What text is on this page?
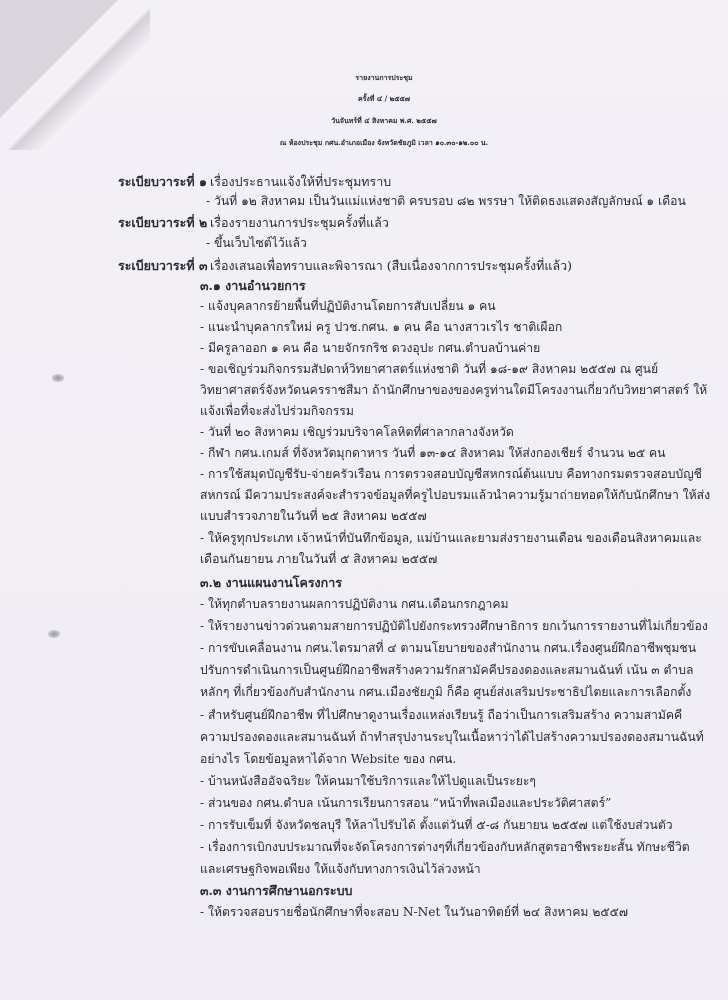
รายงานการประชุม
ครั้งที่ ๔ / ๒๕๕๗
วันจันทร์ที่ ๔ สิงหาคม พ.ศ. ๒๕๕๗
ณ ห้องประชุม กศน.อำเภอเมือง จังหวัดชัยภูมิ เวลา ๑๐.๓๐-๑๒.๐๐ น.
ระเบียบวาระที่ ๑ เรื่องประธานแจ้งให้ที่ประชุมทราบ
- วันที่ ๑๒ สิงหาคม เป็นวันแม่แห่งชาติ ครบรอบ ๘๒ พรรษา ให้ติดธงแสดงสัญลักษณ์ ๑ เดือน
ระเบียบวาระที่ ๒ เรื่องรายงานการประชุมครั้งที่แล้ว
- ขึ้นเว็บไซต์ไว้แล้ว
ระเบียบวาระที่ ๓ เรื่องเสนอเพื่อทราบและพิจารณา (สืบเนื่องจากการประชุมครั้งที่แล้ว)
๓.๑ งานอำนวยการ
- แจ้งบุคลากรย้ายพื้นที่ปฏิบัติงานโดยการสับเปลี่ยน ๑ คน
- แนะนำบุคลากรใหม่ ครู ปวช.กศน. ๑ คน คือ นางสาวเรไร ชาติเผือก
- มีครูลาออก ๑ คน คือ นายจักรกริช ดวงอุปะ กศน.ตำบลบ้านค่าย
- ขอเชิญร่วมกิจกรรมสัปดาห์วิทยาศาสตร์แห่งชาติ วันที่ ๑๘-๑๙ สิงหาคม ๒๕๕๗ ณ ศูนย์
วิทยาศาสตร์จังหวัดนครราชสีมา ถ้านักศึกษาของของครูท่านใดมีโครงงานเกี่ยวกับวิทยาศาสตร์ ให้
แจ้งเพื่อที่จะส่งไปร่วมกิจกรรม
- วันที่ ๒๐ สิงหาคม เชิญร่วมบริจาคโลหิตที่ศาลากลางจังหวัด
- กีฬา กศน.เกมส์ ที่จังหวัดมุกดาหาร วันที่ ๑๓-๑๔ สิงหาคม ให้ส่งกองเชียร์ จำนวน ๒๕ คน
- การใช้สมุดบัญชีรับ-จ่ายครัวเรือน การตรวจสอบบัญชีสหกรณ์ต้นแบบ คือทางกรมตรวจสอบบัญชี
สหกรณ์ มีความประสงค์จะสำรวจข้อมูลที่ครูไปอบรมแล้วนำความรู้มาถ่ายทอดให้กับนักศึกษา ให้ส่ง
แบบสำรวจภายในวันที่ ๒๕ สิงหาคม ๒๕๕๗
- ให้ครูทุกประเภท เจ้าหน้าที่บันทึกข้อมูล, แม่บ้านและยามส่งรายงานเดือน ของเดือนสิงหาคมและ
เดือนกันยายน ภายในวันที่ ๕ สิงหาคม ๒๕๕๗
๓.๒ งานแผนงานโครงการ
- ให้ทุกตำบลรายงานผลการปฏิบัติงาน กศน.เดือนกรกฎาคม
- ให้รายงานข่าวด่วนตามสายการปฏิบัติไปยังกระทรวงศึกษาธิการ ยกเว้นการรายงานที่ไม่เกี่ยวข้อง
- การขับเคลื่อนงาน กศน.ไตรมาสที่ ๔ ตามนโยบายของสำนักงาน กศน.เรื่องศูนย์ฝึกอาชีพชุมชน
ปรับการดำเนินการเป็นศูนย์ฝึกอาชีพสร้างความรักสามัคคีปรองดองและสมานฉันท์ เน้น ๓ ตำบล
หลักๆ ที่เกี่ยวข้องกับสำนักงาน กศน.เมืองชัยภูมิ ก็คือ ศูนย์ส่งเสริมประชาธิปไตยและการเลือกตั้ง
- สำหรับศูนย์ฝึกอาชีพ ที่ไปศึกษาดูงานเรื่องแหล่งเรียนรู้ ถือว่าเป็นการเสริมสร้าง ความสามัคคี
ความปรองดองและสมานฉันท์ ถ้าทำสรุปงานระบุในเนื้อหาว่าได้ไปสร้างความปรองดองสมานฉันท์
อย่างไร โดยข้อมูลหาได้จาก Website ของ กศน.
- บ้านหนังสืออัจฉริยะ ให้คนมาใช้บริการและให้ไปดูแลเป็นระยะๆ
- ส่วนของ กศน.ตำบล เน้นการเรียนการสอน “หน้าที่พลเมืองและประวัติศาสตร์”
- การรับเข็มที่ จังหวัดชลบุรี ให้ลาไปรับได้ ตั้งแต่วันที่ ๕-๘ กันยายน ๒๕๕๗ แต่ใช้งบส่วนตัว
- เรื่องการเบิกงบประมาณที่จะจัดโครงการต่างๆที่เกี่ยวข้องกับหลักสูตรอาชีพระยะสั้น ทักษะชีวิต
และเศรษฐกิจพอเพียง ให้แจ้งกับทางการเงินไว้ล่วงหน้า
๓.๓ งานการศึกษานอกระบบ
- ให้ตรวจสอบรายชื่อนักศึกษาที่จะสอบ N-Net ในวันอาทิตย์ที่ ๒๔ สิงหาคม ๒๕๕๗
